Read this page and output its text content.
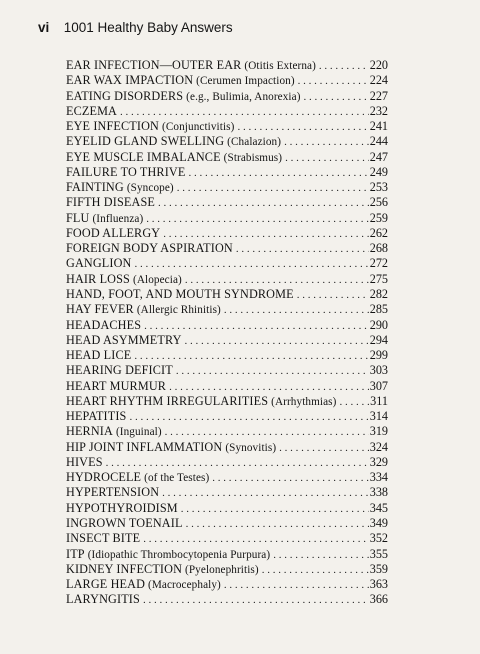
vi 1001 Healthy Baby Answers
EAR INFECTION—OUTER EAR (Otitis Externa) . . .	220
EAR WAX IMPACTION (Cerumen Impaction) . . .	224
EATING DISORDERS (e.g., Bulimia, Anorexia) . . .	227
ECZEMA . . .	232
EYE INFECTION (Conjunctivitis) . . .	241
EYELID GLAND SWELLING (Chalazion) . . .	244
EYE MUSCLE IMBALANCE (Strabismus) . . .	247
FAILURE TO THRIVE . . .	249
FAINTING (Syncope) . . .	253
FIFTH DISEASE . . .	256
FLU (Influenza) . . .	259
FOOD ALLERGY . . .	262
FOREIGN BODY ASPIRATION . . .	268
GANGLION . . .	272
HAIR LOSS (Alopecia) . . .	275
HAND, FOOT, AND MOUTH SYNDROME . . .	282
HAY FEVER (Allergic Rhinitis) . . .	285
HEADACHES . . .	290
HEAD ASYMMETRY . . .	294
HEAD LICE . . .	299
HEARING DEFICIT . . .	303
HEART MURMUR . . .	307
HEART RHYTHM IRREGULARITIES (Arrhythmias) . . .	311
HEPATITIS . . .	314
HERNIA (Inguinal) . . .	319
HIP JOINT INFLAMMATION (Synovitis) . . .	324
HIVES . . .	329
HYDROCELE (of the Testes) . . .	334
HYPERTENSION . . .	338
HYPOTHYROIDISM . . .	345
INGROWN TOENAIL . . .	349
INSECT BITE . . .	352
ITP (Idiopathic Thrombocytopenia Purpura) . . .	355
KIDNEY INFECTION (Pyelonephritis) . . .	359
LARGE HEAD (Macrocephaly) . . .	363
LARYNGITIS . . .	366
